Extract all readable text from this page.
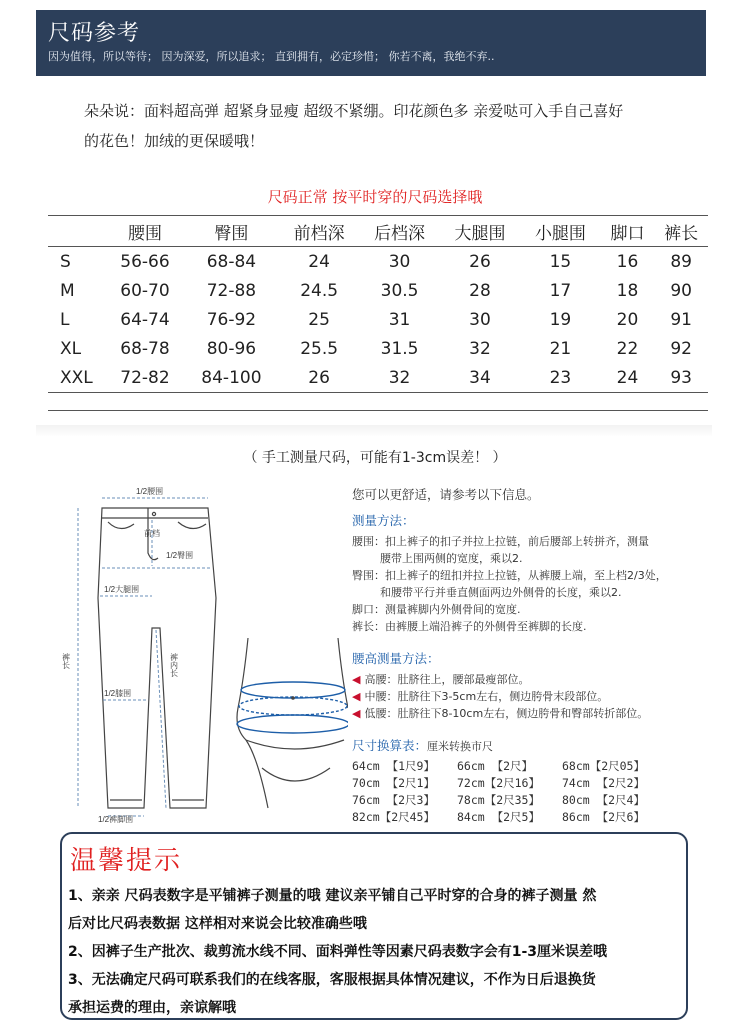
尺码参考
因为值得，所以等待； 因为深爱，所以追求； 直到拥有，必定珍惜； 你若不离，我绝不弃..
朵朵说：面料超高弹 超紧身显瘦 超级不紧绷。印花颜色多 亲爱哒可入手自己喜好
的花色！加绒的更保暖哦！
尺码正常 按平时穿的尺码选择哦
	腰围	臀围	前档深	后档深	大腿围	小腿围	脚口	裤长
S	56-66	68-84	24	30	26	15	16	89
M	60-70	72-88	24.5	30.5	28	17	18	90
L	64-74	76-92	25	31	30	19	20	91
XL	68-78	80-96	25.5	31.5	32	21	22	92
XXL	72-82	84-100	26	32	34	23	24	93
（ 手工测量尺码，可能有1-3cm误差！ ）
1/2腰围
前档
1/2臀围
1/2大腿围
裤内长
裤长
1/2膝围
1/2裤脚围
您可以更舒适，请参考以下信息。
测量方法：
腰围：扣上裤子的扣子并拉上拉链，前后腰部上转拼齐，测量
腰带上围两侧的宽度，乘以2.
臀围：扣上裤子的纽扣并拉上拉链，从裤腰上端，至上档2/3处，
和腰带平行并垂直侧面两边外侧骨的长度，乘以2.
脚口：测量裤脚内外侧骨间的宽度.
裤长：由裤腰上端沿裤子的外侧骨至裤脚的长度.
腰高测量方法：
◀ 高腰：肚脐往上，腰部最瘦部位。
◀ 中腰：肚脐往下3-5cm左右，侧边胯骨末段部位。
◀ 低腰：肚脐往下8-10cm左右，侧边胯骨和臀部转折部位。
尺寸换算表：厘米转换市尺
64cm 【1尺9】 66cm 【2尺】	68cm【2尺05】
70cm 【2尺1】 72cm【2尺16】 74cm 【2尺2】
76cm 【2尺3】 78cm【2尺35】 80cm 【2尺4】
82cm【2尺45】 84cm 【2尺5】 86cm 【2尺6】
温馨提示
1、亲亲 尺码表数字是平铺裤子测量的哦 建议亲平铺自己平时穿的合身的裤子测量 然
后对比尺码表数据 这样相对来说会比较准确些哦
2、因裤子生产批次、裁剪流水线不同、面料弹性等因素尺码表数字会有1-3厘米误差哦
3、无法确定尺码可联系我们的在线客服，客服根据具体情况建议，不作为日后退换货
承担运费的理由，亲谅解哦
